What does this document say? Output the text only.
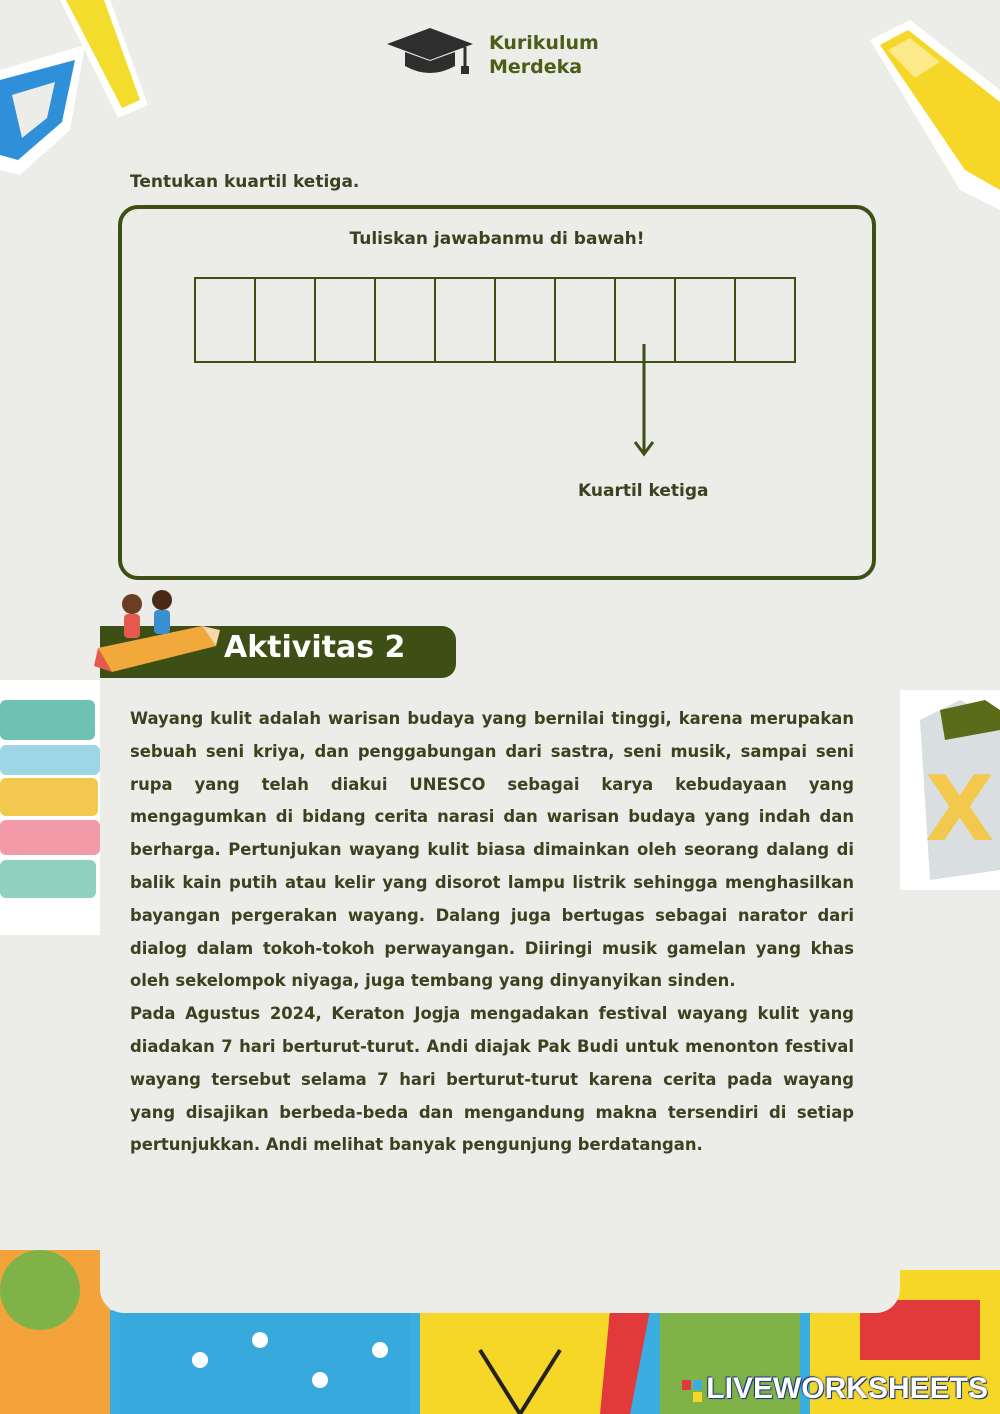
X
Kurikulum
Merdeka
Tentukan kuartil ketiga.
Tuliskan jawabanmu di bawah!
Kuartil ketiga
Aktivitas 2

Wayang kulit adalah warisan budaya yang bernilai tinggi, karena merupakan sebuah seni kriya, dan penggabungan dari sastra, seni musik, sampai seni rupa yang telah diakui UNESCO sebagai karya kebudayaan yang mengagumkan di bidang cerita narasi dan warisan budaya yang indah dan berharga. Pertunjukan wayang kulit biasa dimainkan oleh seorang dalang di balik kain putih atau kelir yang disorot lampu listrik sehingga menghasilkan bayangan pergerakan wayang. Dalang juga bertugas sebagai narator dari dialog dalam tokoh-tokoh perwayangan. Diiringi musik gamelan yang khas oleh sekelompok niyaga, juga tembang yang dinyanyikan sinden.

Pada Agustus 2024, Keraton Jogja mengadakan festival wayang kulit yang diadakan 7 hari berturut-turut. Andi diajak Pak Budi untuk menonton festival wayang tersebut selama 7 hari berturut-turut karena cerita pada wayang yang disajikan berbeda-beda dan mengandung makna tersendiri di setiap pertunjukkan. Andi melihat banyak pengunjung berdatangan.

LIVEWORKSHEETS
